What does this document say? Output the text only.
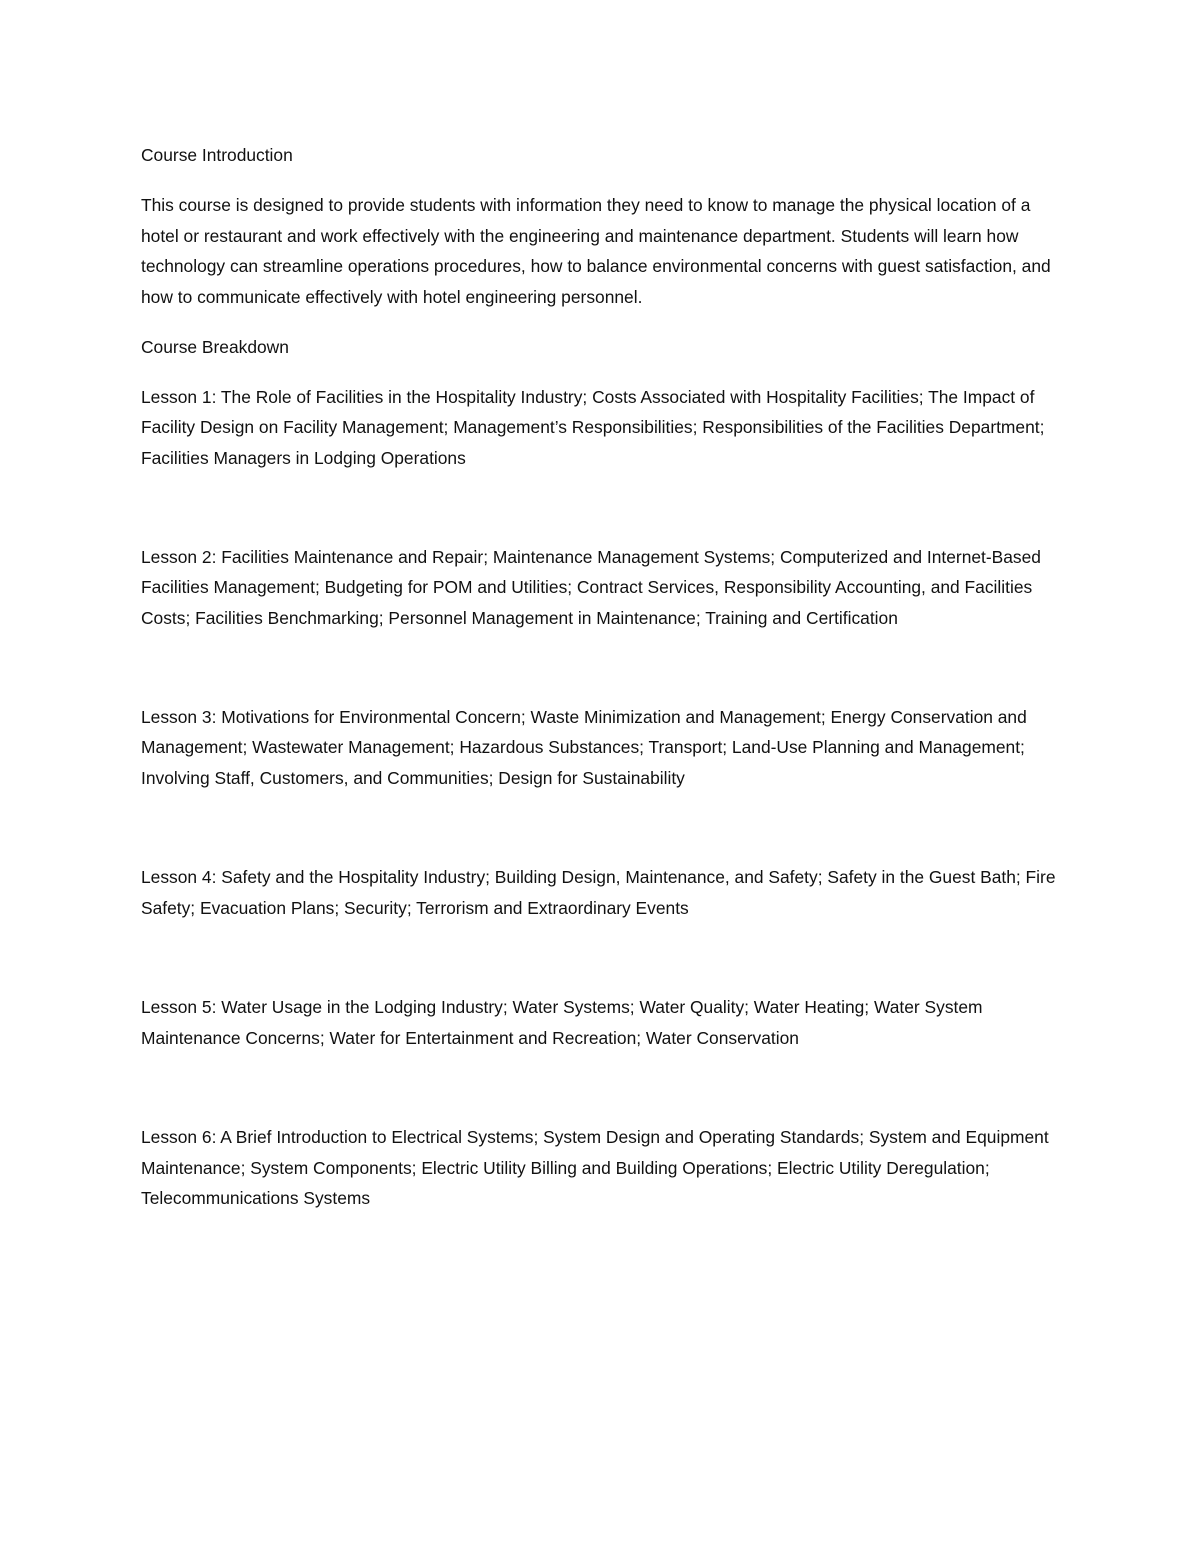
Course Introduction

This course is designed to provide students with information they need to know to manage the physical location of a hotel or restaurant and work effectively with the engineering and maintenance department. Students will learn how technology can streamline operations procedures, how to balance environmental concerns with guest satisfaction, and how to communicate effectively with hotel engineering personnel.

Course Breakdown

Lesson 1: The Role of Facilities in the Hospitality Industry; Costs Associated with Hospitality Facilities; The Impact of Facility Design on Facility Management; Management’s Responsibilities; Responsibilities of the Facilities Department; Facilities Managers in Lodging Operations

Lesson 2: Facilities Maintenance and Repair; Maintenance Management Systems; Computerized and Internet-Based Facilities Management; Budgeting for POM and Utilities; Contract Services, Responsibility Accounting, and Facilities Costs; Facilities Benchmarking; Personnel Management in Maintenance; Training and Certification

Lesson 3: Motivations for Environmental Concern; Waste Minimization and Management; Energy Conservation and Management; Wastewater Management; Hazardous Substances; Transport; Land-Use Planning and Management; Involving Staff, Customers, and Communities; Design for Sustainability

Lesson 4: Safety and the Hospitality Industry; Building Design, Maintenance, and Safety; Safety in the Guest Bath; Fire Safety; Evacuation Plans; Security; Terrorism and Extraordinary Events

Lesson 5: Water Usage in the Lodging Industry; Water Systems; Water Quality; Water Heating; Water System Maintenance Concerns; Water for Entertainment and Recreation; Water Conservation

Lesson 6: A Brief Introduction to Electrical Systems; System Design and Operating Standards; System and Equipment Maintenance; System Components; Electric Utility Billing and Building Operations; Electric Utility Deregulation; Telecommunications Systems
